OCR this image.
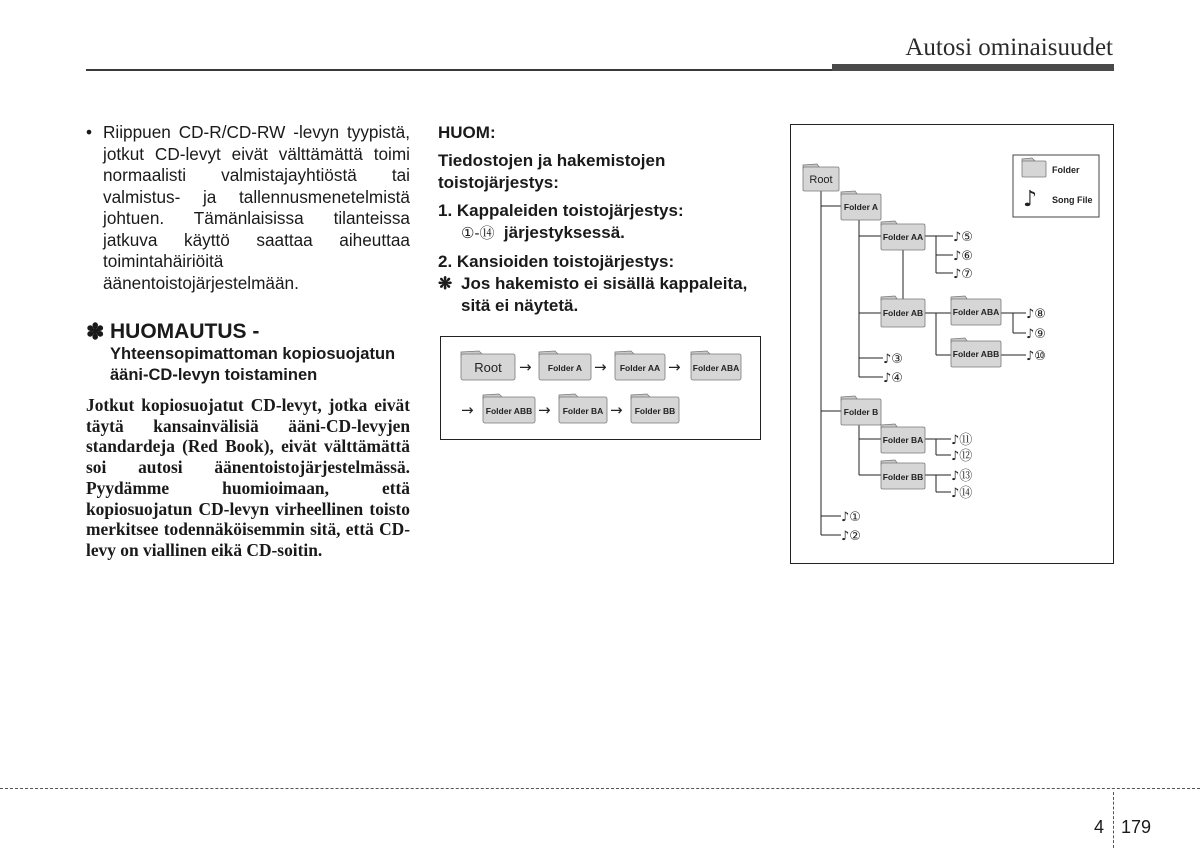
Autosi ominaisuudet
• Riippuen CD-R/CD-RW -levyn tyypistä, jotkut CD-levyt eivät välttämättä toimi normaalisti valmistajayhtiöstä tai valmistus- ja tallennusmenetelmistä johtuen. Tämänlaisissa tilanteissa jatkuva käyttö saattaa aiheuttaa toimintahäiriöitä äänentoistojärjestelmään.
✽ HUOMAUTUS - Yhteensopimattoman kopiosuojatun ääni-CD-levyn toistaminen
Jotkut kopiosuojatut CD-levyt, jotka eivät täytä kansainvälisiä ääni-CD-levyjen standardeja (Red Book), eivät välttämättä soi autosi äänentoistojärjestelmässä. Pyydämme huomioimaan, että kopiosuojatun CD-levyn virheellinen toisto merkitsee todennäköisemmin sitä, että CD-levy on viallinen eikä CD-soitin.

HUOM:

Tiedostojen ja hakemistojen toistojärjestys:

1. Kappaleiden toistojärjestys:

①-⑭ järjestyksessä.

2. Kansioiden toistojärjestys:

❋ Jos hakemisto ei sisällä kappaleita, sitä ei näytetä.

Root → Folder A → Folder AA → Folder ABA
→ Folder ABB → Folder BA → Folder BB
Folder
♪ Song File
Root
Folder A
Folder AA
Folder AB	Folder ABA
Folder ABB
Folder B
Folder BA
Folder BB
♪⑤
♪⑥
♪⑦
♪⑧
♪⑨
♪⑩
♪③
♪④
♪⑪
♪⑫
♪⑬
♪⑭
♪①
♪②
4 179
